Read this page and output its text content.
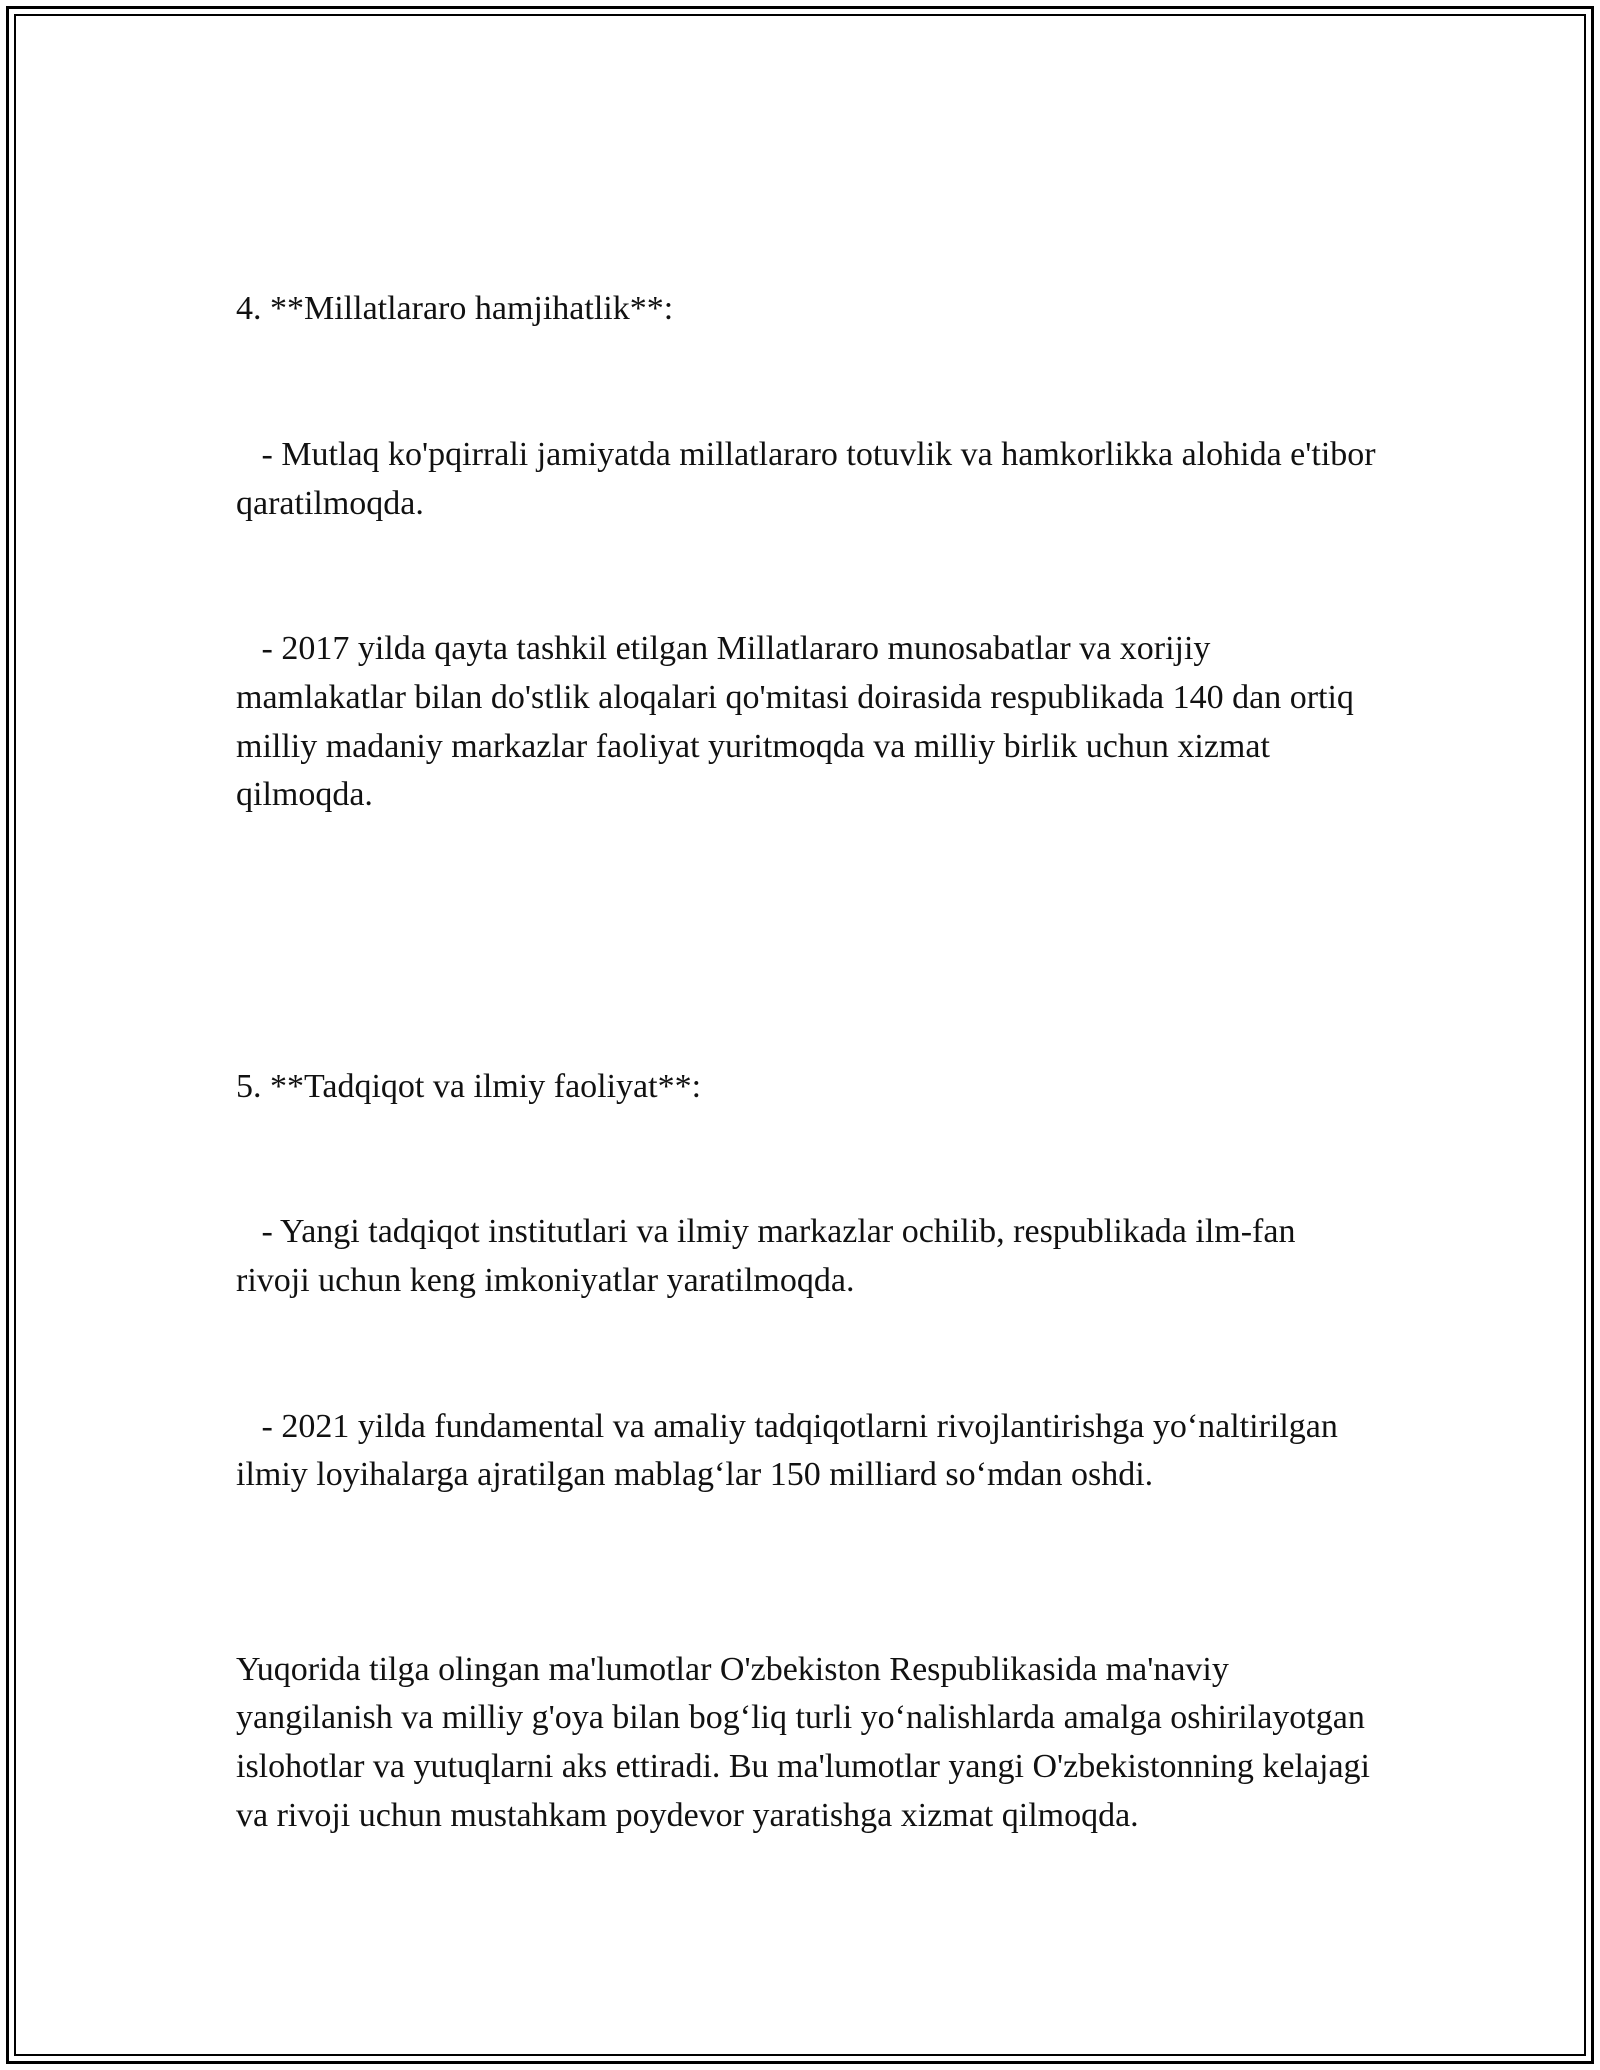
4. **Millatlararo hamjihatlik**:

- Mutlaq ko'pqirrali jamiyatda millatlararo totuvlik va hamkorlikka alohida e'tibor qaratilmoqda.

- 2017 yilda qayta tashkil etilgan Millatlararo munosabatlar va xorijiy mamlakatlar bilan do'stlik aloqalari qo'mitasi doirasida respublikada 140 dan ortiq milliy madaniy markazlar faoliyat yuritmoqda va milliy birlik uchun xizmat qilmoqda.

5. **Tadqiqot va ilmiy faoliyat**:

- Yangi tadqiqot institutlari va ilmiy markazlar ochilib, respublikada ilm-fan rivoji uchun keng imkoniyatlar yaratilmoqda.

- 2021 yilda fundamental va amaliy tadqiqotlarni rivojlantirishga yo‘naltirilgan ilmiy loyihalarga ajratilgan mablag‘lar 150 milliard so‘mdan oshdi.

Yuqorida tilga olingan ma'lumotlar O'zbekiston Respublikasida ma'naviy yangilanish va milliy g'oya bilan bog‘liq turli yo‘nalishlarda amalga oshirilayotgan islohotlar va yutuqlarni aks ettiradi. Bu ma'lumotlar yangi O'zbekistonning kelajagi va rivoji uchun mustahkam poydevor yaratishga xizmat qilmoqda.
